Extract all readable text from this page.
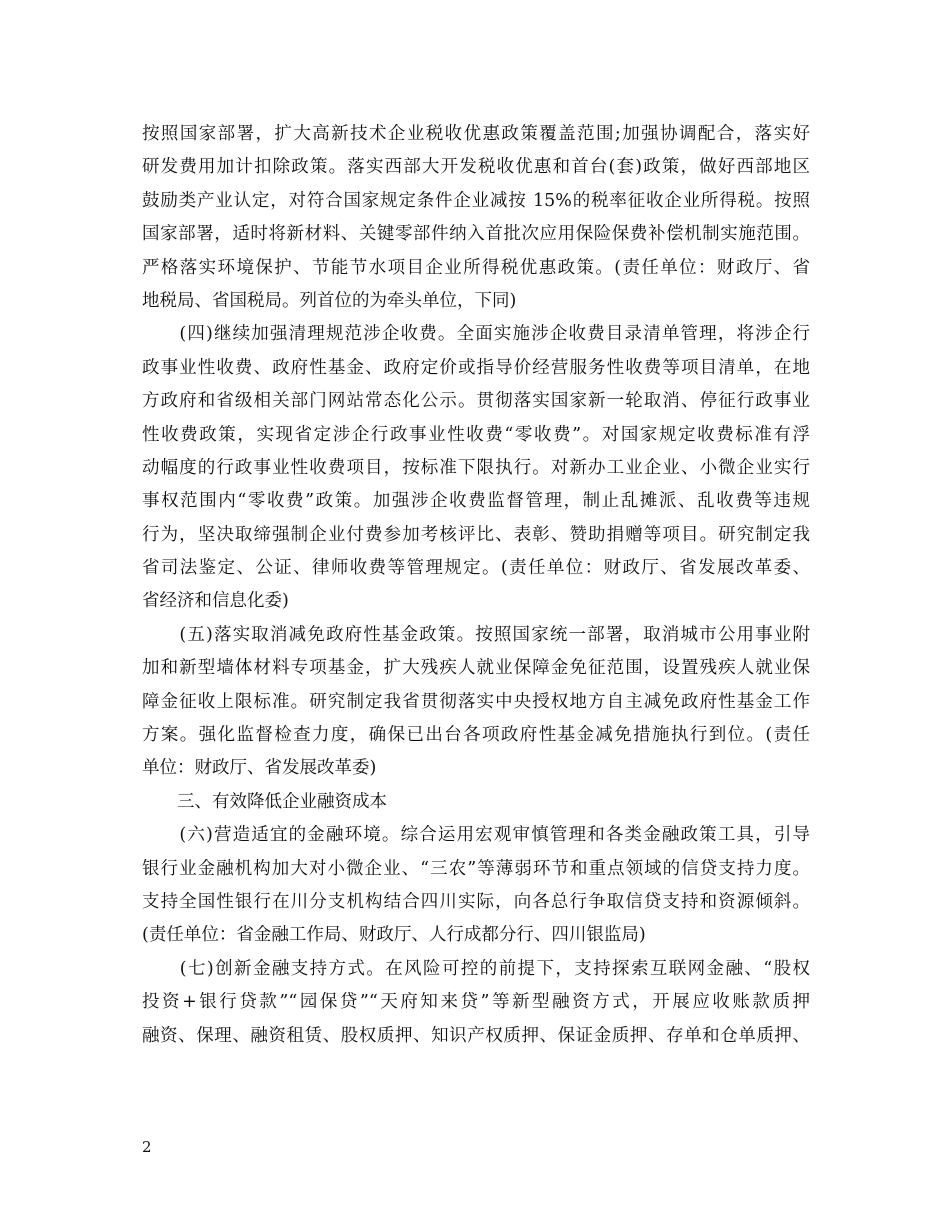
按照国家部署，扩大高新技术企业税收优惠政策覆盖范围;加强协调配合，落实好
研发费用加计扣除政策。落实西部大开发税收优惠和首台(套)政策，做好西部地区
鼓励类产业认定，对符合国家规定条件企业减按 15%的税率征收企业所得税。按照
国家部署，适时将新材料、关键零部件纳入首批次应用保险保费补偿机制实施范围。
严格落实环境保护、节能节水项目企业所得税优惠政策。(责任单位：财政厅、省
地税局、省国税局。列首位的为牵头单位，下同)
　　(四)继续加强清理规范涉企收费。全面实施涉企收费目录清单管理，将涉企行
政事业性收费、政府性基金、政府定价或指导价经营服务性收费等项目清单，在地
方政府和省级相关部门网站常态化公示。贯彻落实国家新一轮取消、停征行政事业
性收费政策，实现省定涉企行政事业性收费“零收费”。对国家规定收费标准有浮
动幅度的行政事业性收费项目，按标准下限执行。对新办工业企业、小微企业实行
事权范围内“零收费”政策。加强涉企收费监督管理，制止乱摊派、乱收费等违规
行为，坚决取缔强制企业付费参加考核评比、表彰、赞助捐赠等项目。研究制定我
省司法鉴定、公证、律师收费等管理规定。(责任单位：财政厅、省发展改革委、
省经济和信息化委)
　　(五)落实取消减免政府性基金政策。按照国家统一部署，取消城市公用事业附
加和新型墙体材料专项基金，扩大残疾人就业保障金免征范围，设置残疾人就业保
障金征收上限标准。研究制定我省贯彻落实中央授权地方自主减免政府性基金工作
方案。强化监督检查力度，确保已出台各项政府性基金减免措施执行到位。(责任
单位：财政厅、省发展改革委)
　　三、有效降低企业融资成本
　　(六)营造适宜的金融环境。综合运用宏观审慎管理和各类金融政策工具，引导
银行业金融机构加大对小微企业、“三农”等薄弱环节和重点领域的信贷支持力度。
支持全国性银行在川分支机构结合四川实际，向各总行争取信贷支持和资源倾斜。
(责任单位：省金融工作局、财政厅、人行成都分行、四川银监局)
　　(七)创新金融支持方式。在风险可控的前提下，支持探索互联网金融、“股权
投资+银行贷款”“园保贷”“天府知来贷”等新型融资方式，开展应收账款质押
融资、保理、融资租赁、股权质押、知识产权质押、保证金质押、存单和仓单质押、
2
